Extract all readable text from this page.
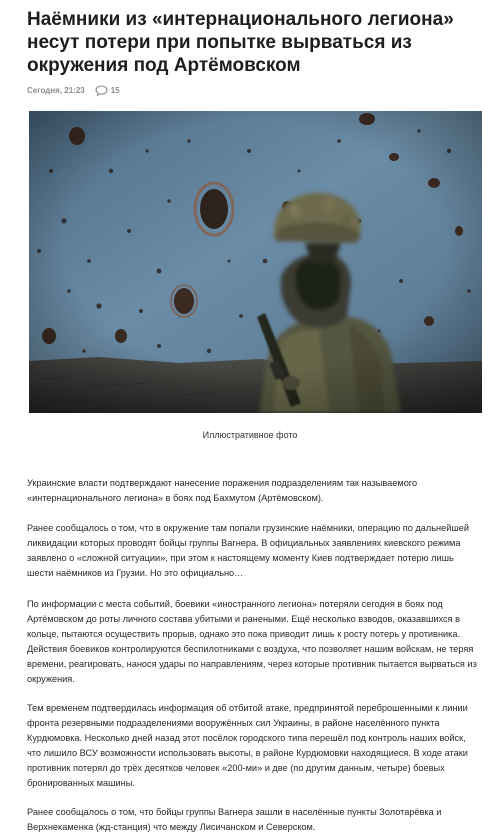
Наёмники из «интернационального легиона» несут потери при попытке вырваться из окружения под Артёмовском
Сегодня, 21:23	15
Иллюстративное фото

Украинские власти подтверждают нанесение поражения подразделениям так называемого «интернационального легиона» в боях под Бахмутом (Артёмовском).

Ранее сообщалось о том, что в окружение там попали грузинские наёмники, операцию по дальнейшей ликвидации которых проводят бойцы группы Вагнера. В официальных заявлениях киевского режима заявлено о «сложной ситуации», при этом к настоящему моменту Киев подтверждает потерю лишь шести наёмников из Грузии. Но это официально…

По информации с места событий, боевики «иностранного легиона» потеряли сегодня в боях под Артёмовском до роты личного состава убитыми и ранеными. Ещё несколько взводов, оказавшихся в кольце, пытаются осуществить прорыв, однако это пока приводит лишь к росту потерь у противника. Действия боевиков контролируются беспилотниками с воздуха, что позволяет нашим войскам, не теряя времени, реагировать, нанося удары по направлениям, через которые противник пытается вырваться из окружения.

Тем временем подтвердилась информация об отбитой атаке, предпринятой переброшенными к линии фронта резервными подразделениями вооружённых сил Украины, в районе населённого пункта Курдюмовка. Несколько дней назад этот посёлок городского типа перешёл под контроль наших войск, что лишило ВСУ возможности использовать высоты, в районе Курдюмовки находящиеся. В ходе атаки противник потерял до трёх десятков человек «200-ми» и две (по другим данным, четыре) боевых бронированных машины.

Ранее сообщалось о том, что бойцы группы Вагнера зашли в населённые пункты Золотарёвка и Верхнекаменка (жд-станция) что между Лисичанском и Северском.
